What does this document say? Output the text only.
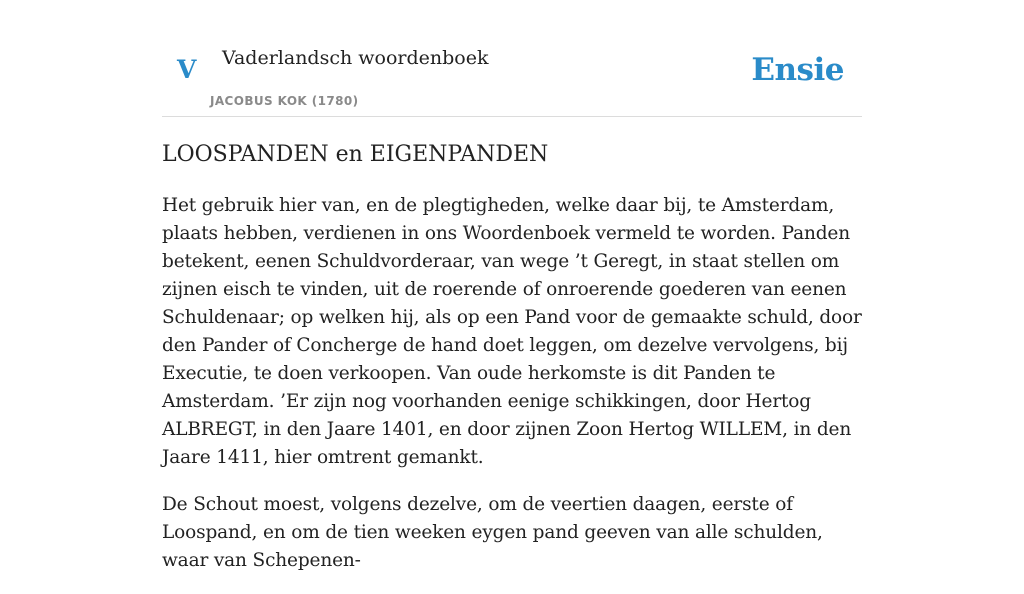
V Vaderlandsch woordenboek
JACOBUS KOK (1780)
Ensie
LOOSPANDEN en EIGENPANDEN

Het gebruik hier van, en de plegtigheden, welke daar bij, te Amsterdam, plaats hebben, verdienen in ons Woordenboek vermeld te worden. Panden betekent, eenen Schuldvorderaar, van wege ’t Geregt, in staat stellen om zijnen eisch te vinden, uit de roerende of onroerende goederen van eenen Schuldenaar; op welken hij, als op een Pand voor de gemaakte schuld, door den Pander of Concherge de hand doet leggen, om dezelve vervolgens, bij Executie, te doen verkoopen. Van oude herkomste is dit Panden te Amsterdam. ’Er zijn nog voorhanden eenige schikkingen, door Hertog ALBREGT, in den Jaare 1401, en door zijnen Zoon Hertog WILLEM, in den Jaare 1411, hier omtrent gemankt.

De Schout moest, volgens dezelve, om de veertien daagen, eerste of Loospand, en om de tien weeken eygen pand geeven van alle schulden, waar van Schepenen-
